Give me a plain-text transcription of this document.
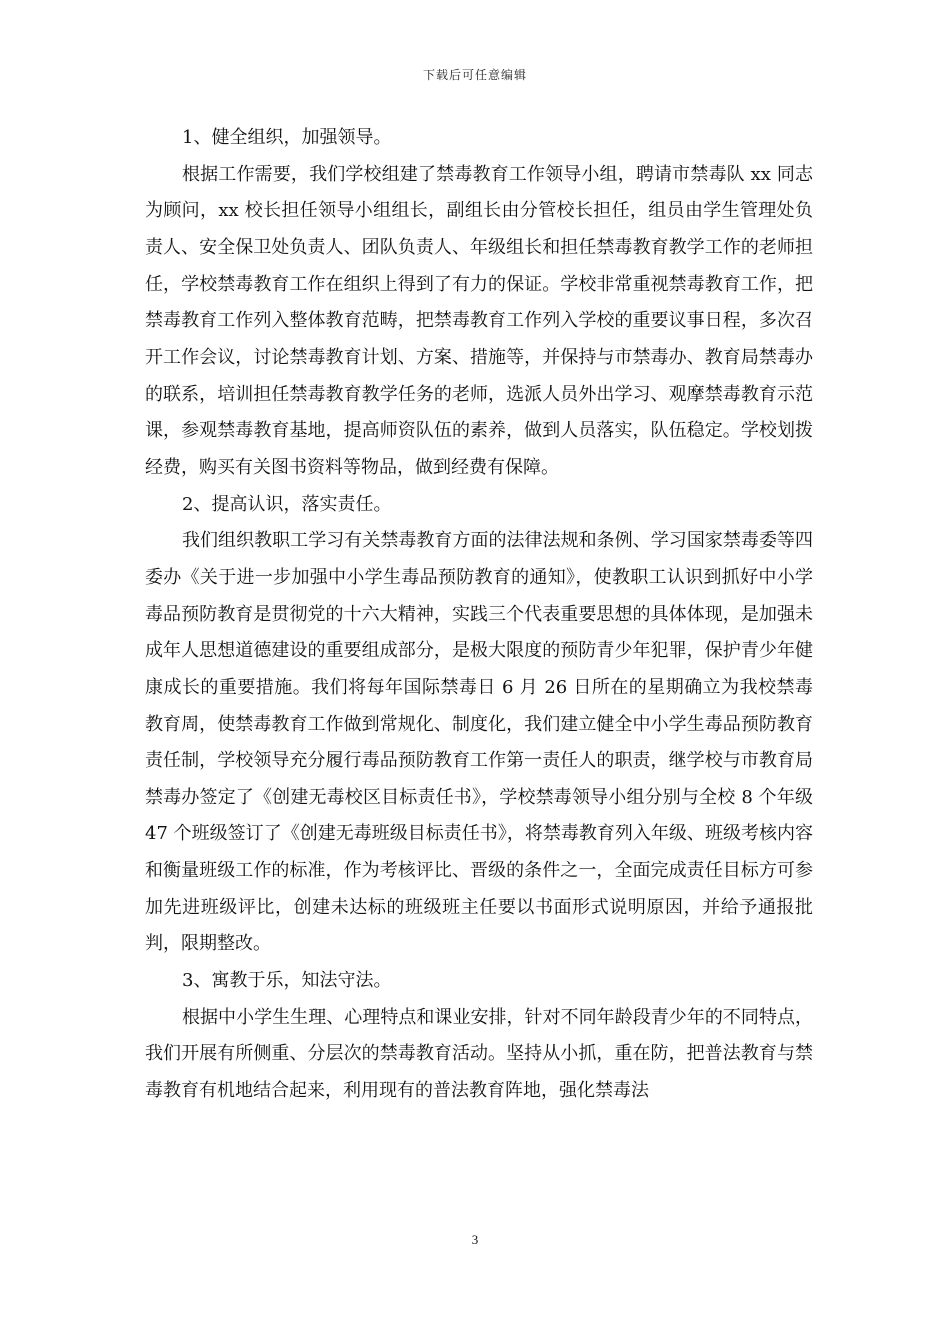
下载后可任意编辑

1、健全组织，加强领导。

根据工作需要，我们学校组建了禁毒教育工作领导小组，聘请市禁毒队 xx 同志为顾问，xx 校长担任领导小组组长，副组长由分管校长担任，组员由学生管理处负责人、安全保卫处负责人、团队负责人、年级组长和担任禁毒教育教学工作的老师担任，学校禁毒教育工作在组织上得到了有力的保证。学校非常重视禁毒教育工作，把禁毒教育工作列入整体教育范畴，把禁毒教育工作列入学校的重要议事日程，多次召开工作会议，讨论禁毒教育计划、方案、措施等，并保持与市禁毒办、教育局禁毒办的联系，培训担任禁毒教育教学任务的老师，选派人员外出学习、观摩禁毒教育示范课，参观禁毒教育基地，提高师资队伍的素养，做到人员落实，队伍稳定。学校划拨经费，购买有关图书资料等物品，做到经费有保障。

2、提高认识，落实责任。

我们组织教职工学习有关禁毒教育方面的法律法规和条例、学习国家禁毒委等四委办《关于进一步加强中小学生毒品预防教育的通知》，使教职工认识到抓好中小学毒品预防教育是贯彻党的十六大精神，实践三个代表重要思想的具体体现，是加强未成年人思想道德建设的重要组成部分，是极大限度的预防青少年犯罪，保护青少年健康成长的重要措施。我们将每年国际禁毒日 6 月 26 日所在的星期确立为我校禁毒教育周，使禁毒教育工作做到常规化、制度化，我们建立健全中小学生毒品预防教育责任制，学校领导充分履行毒品预防教育工作第一责任人的职责，继学校与市教育局禁毒办签定了《创建无毒校区目标责任书》，学校禁毒领导小组分别与全校 8 个年级 47 个班级签订了《创建无毒班级目标责任书》，将禁毒教育列入年级、班级考核内容和衡量班级工作的标准，作为考核评比、晋级的条件之一，全面完成责任目标方可参加先进班级评比，创建未达标的班级班主任要以书面形式说明原因，并给予通报批判，限期整改。

3、寓教于乐，知法守法。

根据中小学生生理、心理特点和课业安排，针对不同年龄段青少年的不同特点，我们开展有所侧重、分层次的禁毒教育活动。坚持从小抓，重在防，把普法教育与禁毒教育有机地结合起来，利用现有的普法教育阵地，强化禁毒法

3
